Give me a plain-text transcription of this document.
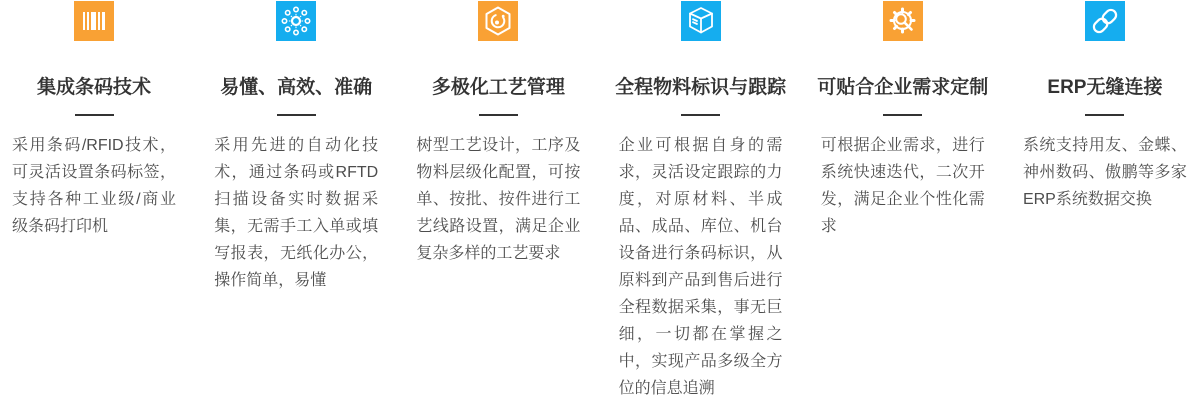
集成条码技术
采用条码/RFID技术，可灵活设置条码标签，支持各种工业级/商业级条码打印机
易懂、高效、准确
采用先进的自动化技术，通过条码或RFTD扫描设备实时数据采集，无需手工入单或填写报表，无纸化办公，操作简单，易懂
多极化工艺管理
树型工艺设计，工序及物料层级化配置，可按单、按批、按件进行工艺线路设置，满足企业复杂多样的工艺要求
全程物料标识与跟踪
企业可根据自身的需求，灵活设定跟踪的力度，对原材料、半成品、成品、库位、机台设备进行条码标识，从原料到产品到售后进行全程数据采集，事无巨细，一切都在掌握之中，实现产品多级全方位的信息追溯
可贴合企业需求定制
可根据企业需求，进行系统快速迭代，二次开发，满足企业个性化需求
ERP无缝连接
系统支持用友、金蝶、神州数码、傲鹏等多家ERP系统数据交换
